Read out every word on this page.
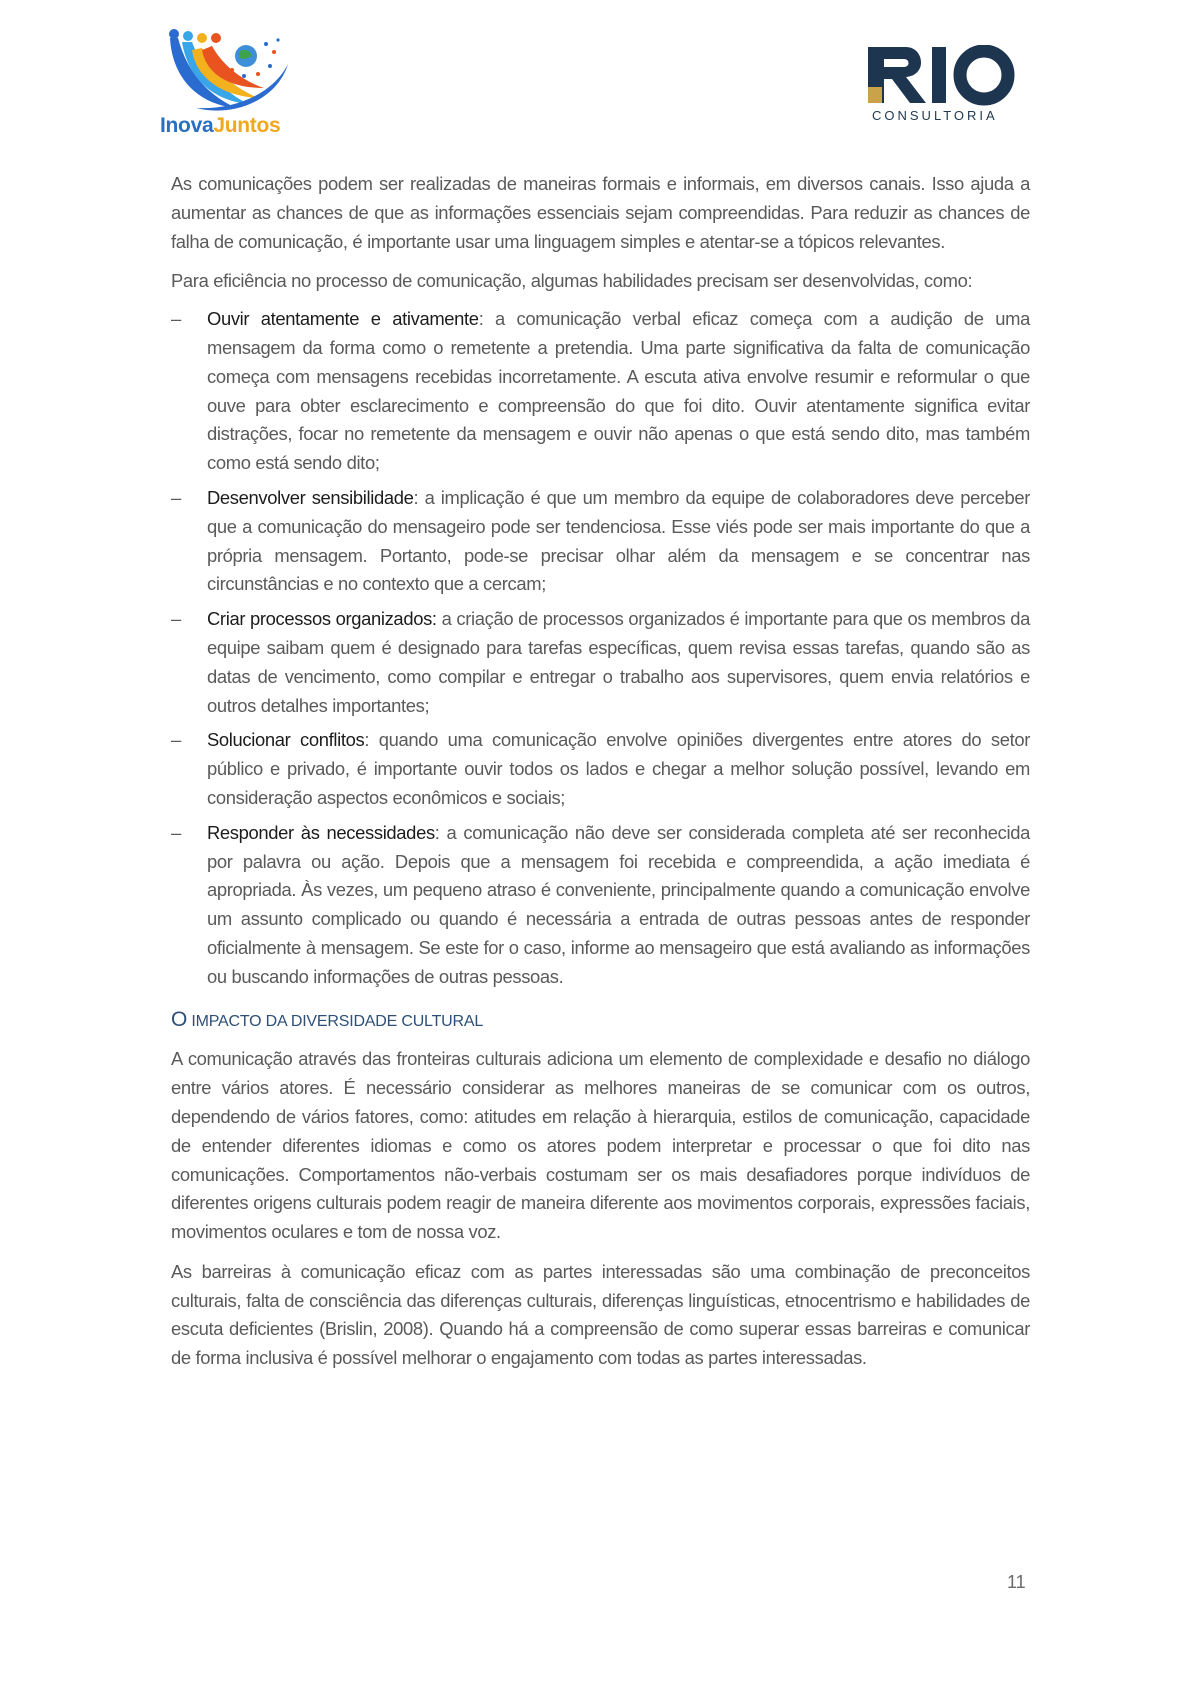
InovaJuntos	CONSULTORIA

As comunicações podem ser realizadas de maneiras formais e informais, em diversos canais. Isso ajuda a aumentar as chances de que as informações essenciais sejam compreendidas. Para reduzir as chances de falha de comunicação, é importante usar uma linguagem simples e atentar-se a tópicos relevantes.

Para eficiência no processo de comunicação, algumas habilidades precisam ser desenvolvidas, como:

– Ouvir atentamente e ativamente: a comunicação verbal eficaz começa com a audição de uma mensagem da forma como o remetente a pretendia. Uma parte significativa da falta de comunicação começa com mensagens recebidas incorretamente. A escuta ativa envolve resumir e reformular o que ouve para obter esclarecimento e compreensão do que foi dito. Ouvir atentamente significa evitar distrações, focar no remetente da mensagem e ouvir não apenas o que está sendo dito, mas também como está sendo dito;
– Desenvolver sensibilidade: a implicação é que um membro da equipe de colaboradores deve perceber que a comunicação do mensageiro pode ser tendenciosa. Esse viés pode ser mais importante do que a própria mensagem. Portanto, pode-se precisar olhar além da mensagem e se concentrar nas circunstâncias e no contexto que a cercam;
– Criar processos organizados: a criação de processos organizados é importante para que os membros da equipe saibam quem é designado para tarefas específicas, quem revisa essas tarefas, quando são as datas de vencimento, como compilar e entregar o trabalho aos supervisores, quem envia relatórios e outros detalhes importantes;
– Solucionar conflitos: quando uma comunicação envolve opiniões divergentes entre atores do setor público e privado, é importante ouvir todos os lados e chegar a melhor solução possível, levando em consideração aspectos econômicos e sociais;
– Responder às necessidades: a comunicação não deve ser considerada completa até ser reconhecida por palavra ou ação. Depois que a mensagem foi recebida e compreendida, a ação imediata é apropriada. Às vezes, um pequeno atraso é conveniente, principalmente quando a comunicação envolve um assunto complicado ou quando é necessária a entrada de outras pessoas antes de responder oficialmente à mensagem. Se este for o caso, informe ao mensageiro que está avaliando as informações ou buscando informações de outras pessoas.
O IMPACTO DA DIVERSIDADE CULTURAL

A comunicação através das fronteiras culturais adiciona um elemento de complexidade e desafio no diálogo entre vários atores. É necessário considerar as melhores maneiras de se comunicar com os outros, dependendo de vários fatores, como: atitudes em relação à hierarquia, estilos de comunicação, capacidade de entender diferentes idiomas e como os atores podem interpretar e processar o que foi dito nas comunicações. Comportamentos não-verbais costumam ser os mais desafiadores porque indivíduos de diferentes origens culturais podem reagir de maneira diferente aos movimentos corporais, expressões faciais, movimentos oculares e tom de nossa voz.

As barreiras à comunicação eficaz com as partes interessadas são uma combinação de preconceitos culturais, falta de consciência das diferenças culturais, diferenças linguísticas, etnocentrismo e habilidades de escuta deficientes (Brislin, 2008). Quando há a compreensão de como superar essas barreiras e comunicar de forma inclusiva é possível melhorar o engajamento com todas as partes interessadas.

11
